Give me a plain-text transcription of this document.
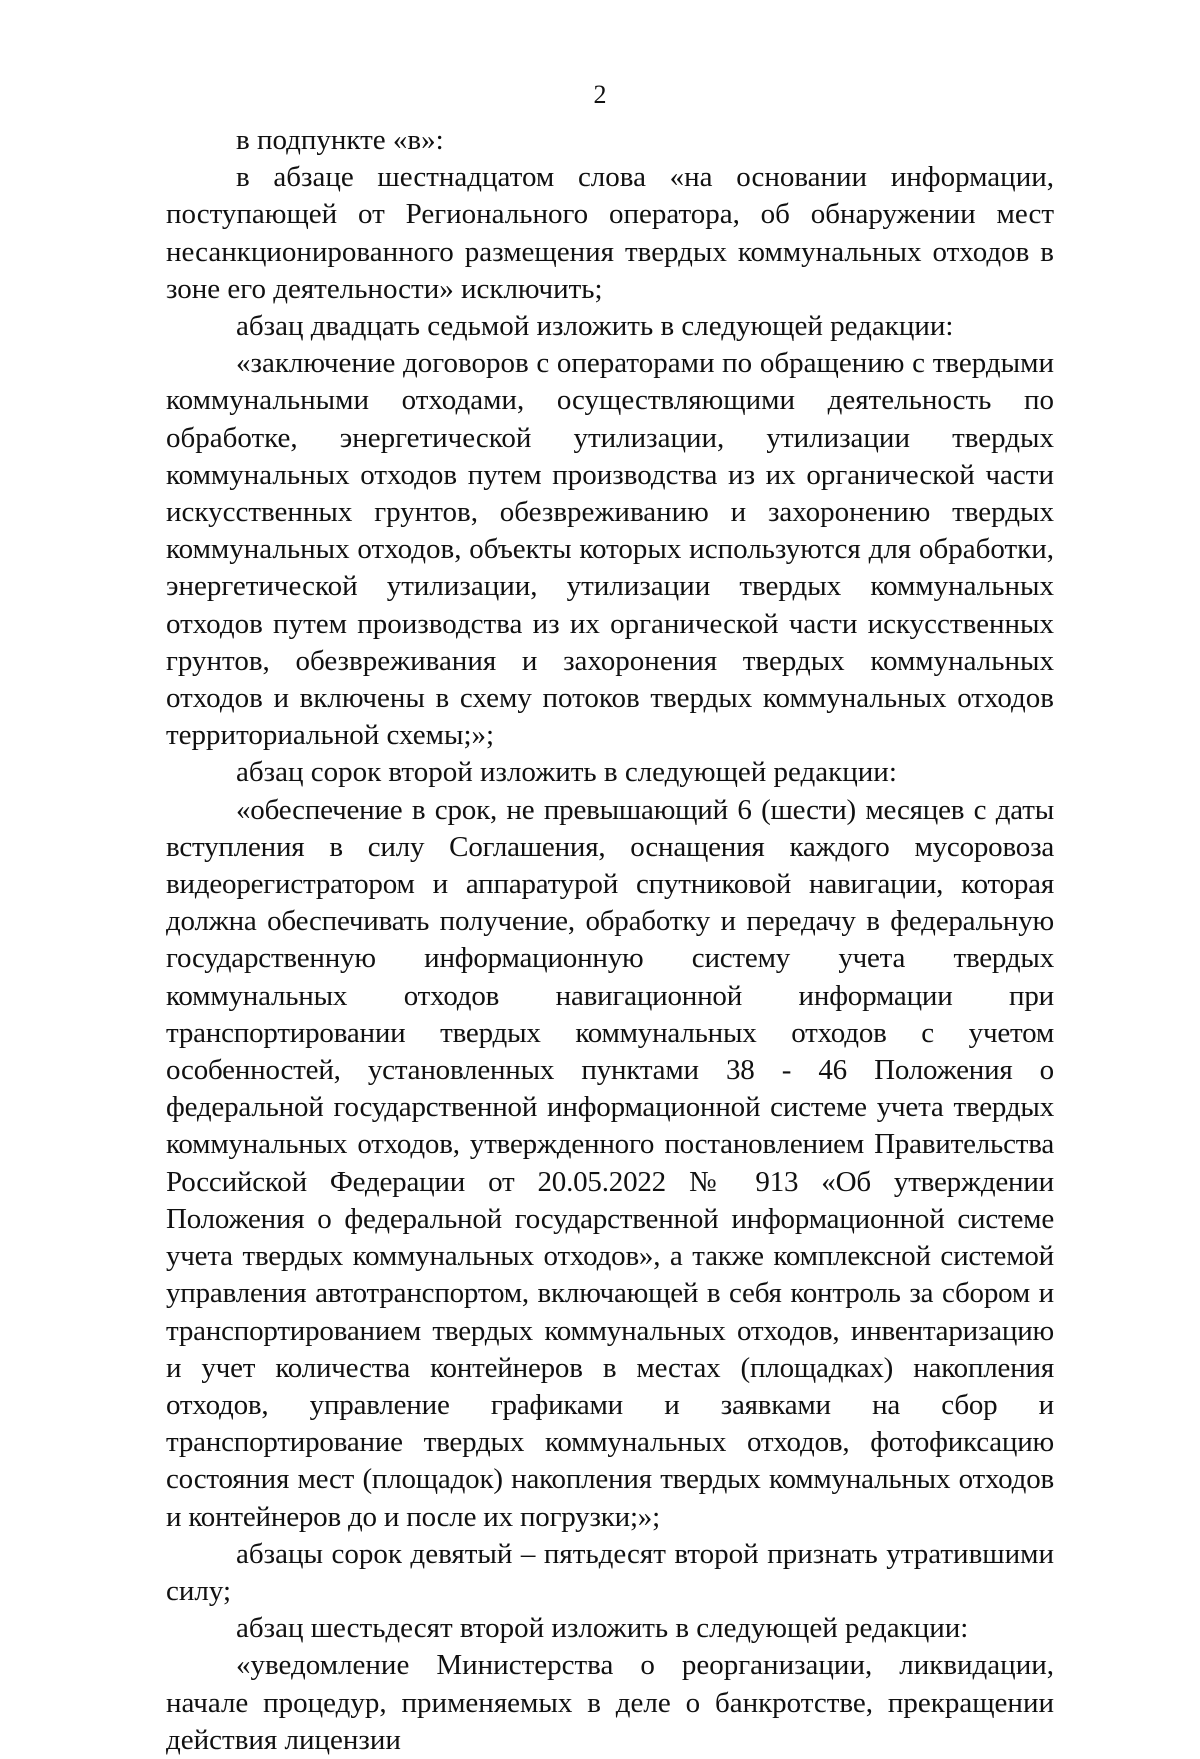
2

в подпункте «в»:

в абзаце шестнадцатом слова «на основании информации, поступающей от Регионального оператора, об обнаружении мест несанкционированного размещения твердых коммунальных отходов в зоне его деятельности» исключить;

абзац двадцать седьмой изложить в следующей редакции:

«заключение договоров с операторами по обращению с твердыми коммунальными отходами, осуществляющими деятельность по обработке, энергетической утилизации, утилизации твердых коммунальных отходов путем производства из их органической части искусственных грунтов, обезвреживанию и захоронению твердых коммунальных отходов, объекты которых используются для обработки, энергетической утилизации, утилизации твердых коммунальных отходов путем производства из их органической части искусственных грунтов, обезвреживания и захоронения твердых коммунальных отходов и включены в схему потоков твердых коммунальных отходов территориальной схемы;»;

абзац сорок второй изложить в следующей редакции:

«обеспечение в срок, не превышающий 6 (шести) месяцев с даты вступления в силу Соглашения, оснащения каждого мусоровоза видеорегистратором и аппаратурой спутниковой навигации, которая должна обеспечивать получение, обработку и передачу в федеральную государственную информационную систему учета твердых коммунальных отходов навигационной информации при транспортировании твердых коммунальных отходов с учетом особенностей, установленных пунктами 38 - 46 Положения о федеральной государственной информационной системе учета твердых коммунальных отходов, утвержденного постановлением Правительства Российской Федерации от 20.05.2022 № 913 «Об утверждении Положения о федеральной государственной информационной системе учета твердых коммунальных отходов», а также комплексной системой управления автотранспортом, включающей в себя контроль за сбором и транспортированием твердых коммунальных отходов, инвентаризацию и учет количества контейнеров в местах (площадках) накопления отходов, управление графиками и заявками на сбор и транспортирование твердых коммунальных отходов, фотофиксацию состояния мест (площадок) накопления твердых коммунальных отходов и контейнеров до и после их погрузки;»;

абзацы сорок девятый – пятьдесят второй признать утратившими силу;

абзац шестьдесят второй изложить в следующей редакции:

«уведомление Министерства о реорганизации, ликвидации, начале процедур, применяемых в деле о банкротстве, прекращении действия лицензии
